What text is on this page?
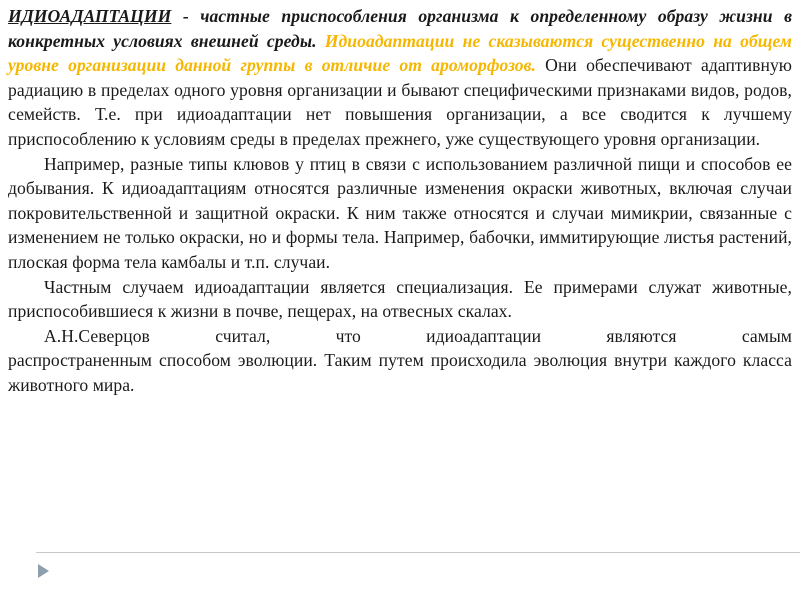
ИДИОАДАПТАЦИИ - частные приспособления организма к определенному образу жизни в конкретных условиях внешней среды. Идиоадаптации не сказываются существенно на общем уровне организации данной группы в отличие от ароморфозов. Они обеспечивают адаптивную радиацию в пределах одного уровня организации и бывают специфическими признаками видов, родов, семейств. Т.е. при идиоадаптации нет повышения организации, а все сводится к лучшему приспособлению к условиям среды в пределах прежнего, уже существующего уровня организации.

Например, разные типы клювов у птиц в связи с использованием различной пищи и способов ее добывания. К идиоадаптациям относятся различные изменения окраски животных, включая случаи покровительственной и защитной окраски. К ним также относятся и случаи мимикрии, связанные с изменением не только окраски, но и формы тела. Например, бабочки, иммитирующие листья растений, плоская форма тела камбалы и т.п. случаи.

Частным случаем идиоадаптации является специализация. Ее примерами служат животные, приспособившиеся к жизни в почве, пещерах, на отвесных скалах.

А.Н.Северцов считал, что идиоадаптации являются самым

распространенным способом эволюции. Таким путем происходила эволюция внутри каждого класса животного мира.
